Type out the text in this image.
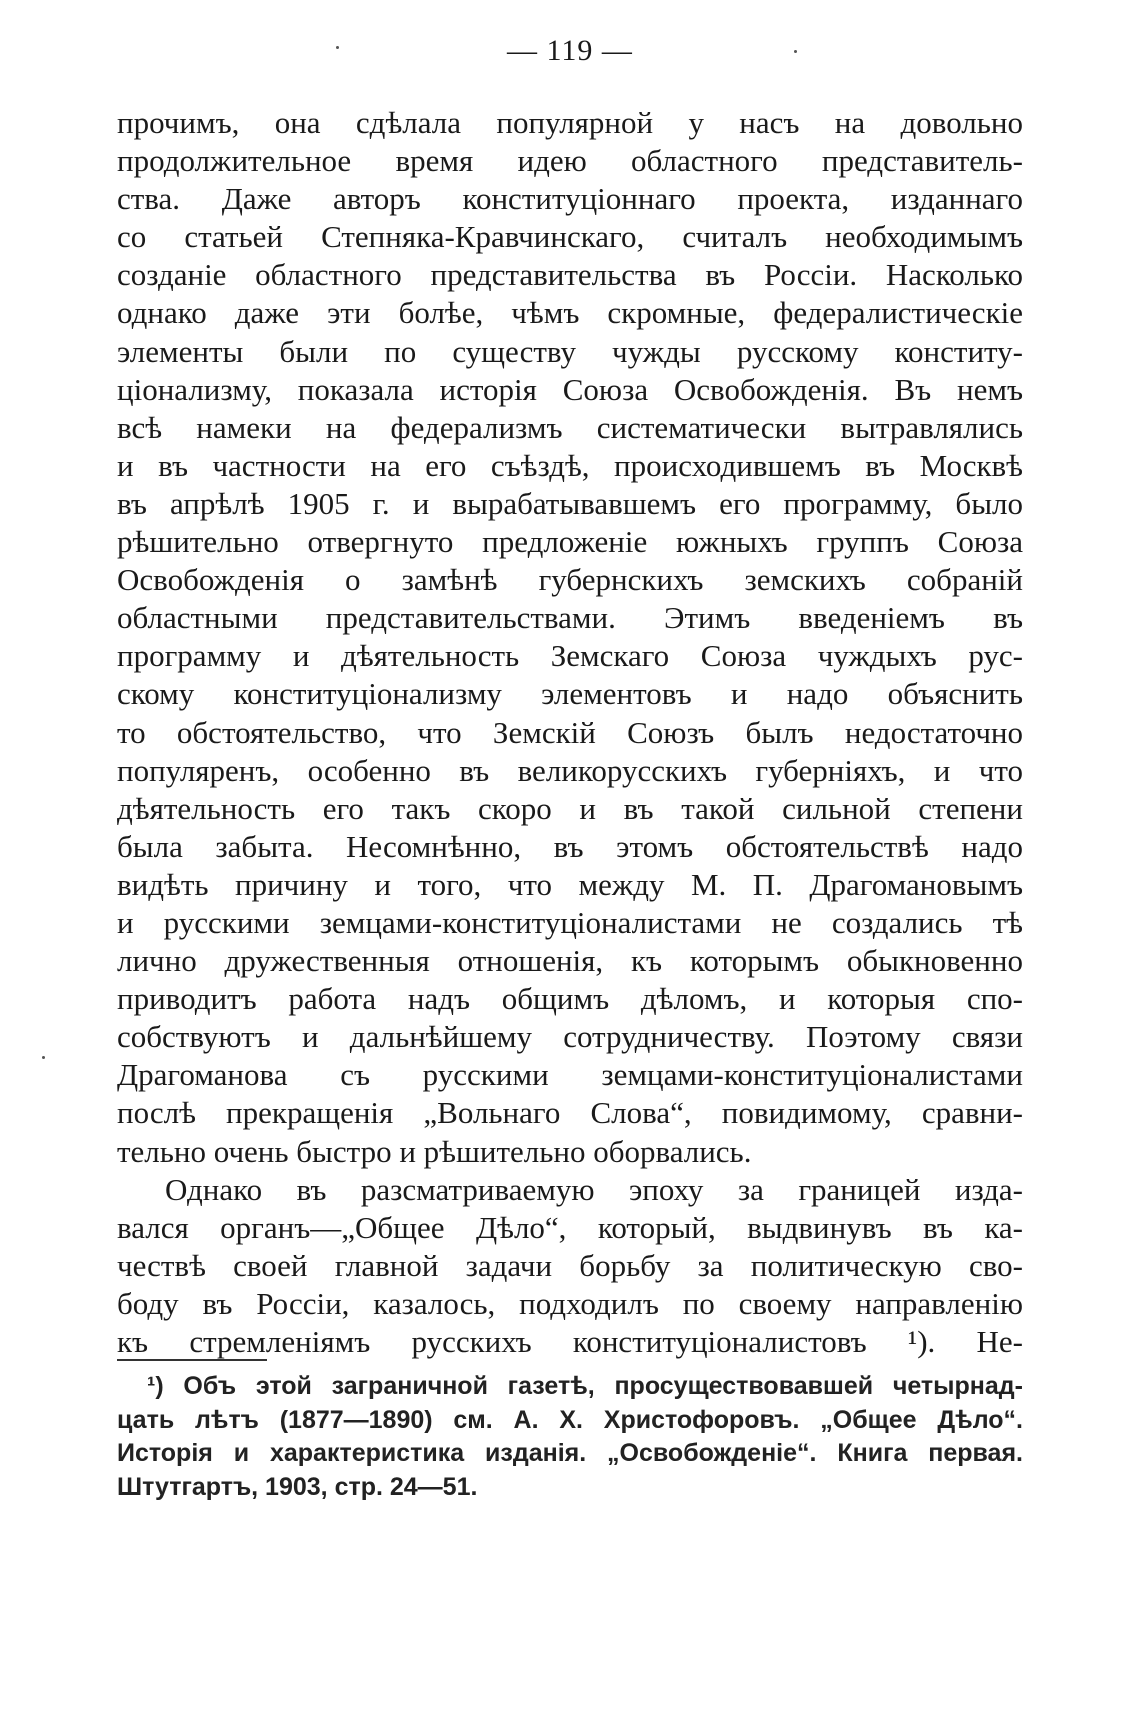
— 119 —
прочимъ, она сдѣлала популярной у насъ на довольно
продолжительное время идею областного представитель-
ства. Даже авторъ конституціоннаго проекта, изданнаго
со статьей Степняка-Кравчинскаго, считалъ необходимымъ
созданіе областного представительства въ Россіи. Насколько
однако даже эти болѣе, чѣмъ скромные, федералистическіе
элементы были по существу чужды русскому конститу-
ціонализму, показала исторія Союза Освобожденія. Въ немъ
всѣ намеки на федерализмъ систематически вытравлялись
и въ частности на его съѣздѣ, происходившемъ въ Москвѣ
въ апрѣлѣ 1905 г. и вырабатывавшемъ его программу, было
рѣшительно отвергнуто предложеніе южныхъ группъ Союза
Освобожденія о замѣнѣ губернскихъ земскихъ собраній
областными представительствами. Этимъ введеніемъ въ
программу и дѣятельность Земскаго Союза чуждыхъ рус-
скому конституціонализму элементовъ и надо объяснить
то обстоятельство, что Земскій Союзъ былъ недостаточно
популяренъ, особенно въ великорусскихъ губерніяхъ, и что
дѣятельность его такъ скоро и въ такой сильной степени
была забыта. Несомнѣнно, въ этомъ обстоятельствѣ надо
видѣть причину и того, что между М. П. Драгомановымъ
и русскими земцами-конституціоналистами не создались тѣ
лично дружественныя отношенія, къ которымъ обыкновенно
приводитъ работа надъ общимъ дѣломъ, и которыя спо-
собствуютъ и дальнѣйшему сотрудничеству. Поэтому связи
Драгоманова съ русскими земцами-конституціоналистами
послѣ прекращенія „Вольнаго Слова“, повидимому, сравни-
тельно очень быстро и рѣшительно оборвались.
Однако въ разсматриваемую эпоху за границей изда-
вался органъ—„Общее Дѣло“, который, выдвинувъ въ ка-
чествѣ своей главной задачи борьбу за политическую сво-
боду въ Россіи, казалось, подходилъ по своему направленію
къ стремленіямъ русскихъ конституціоналистовъ ¹). Не-
¹) Объ этой заграничной газетѣ, просуществовавшей четырнад-
цать лѣтъ (1877—1890) см. А. Х. Христофоровъ. „Общее Дѣло“.
Исторія и характеристика изданія. „Освобожденіе“. Книга первая.
Штутгартъ, 1903, стр. 24—51.
